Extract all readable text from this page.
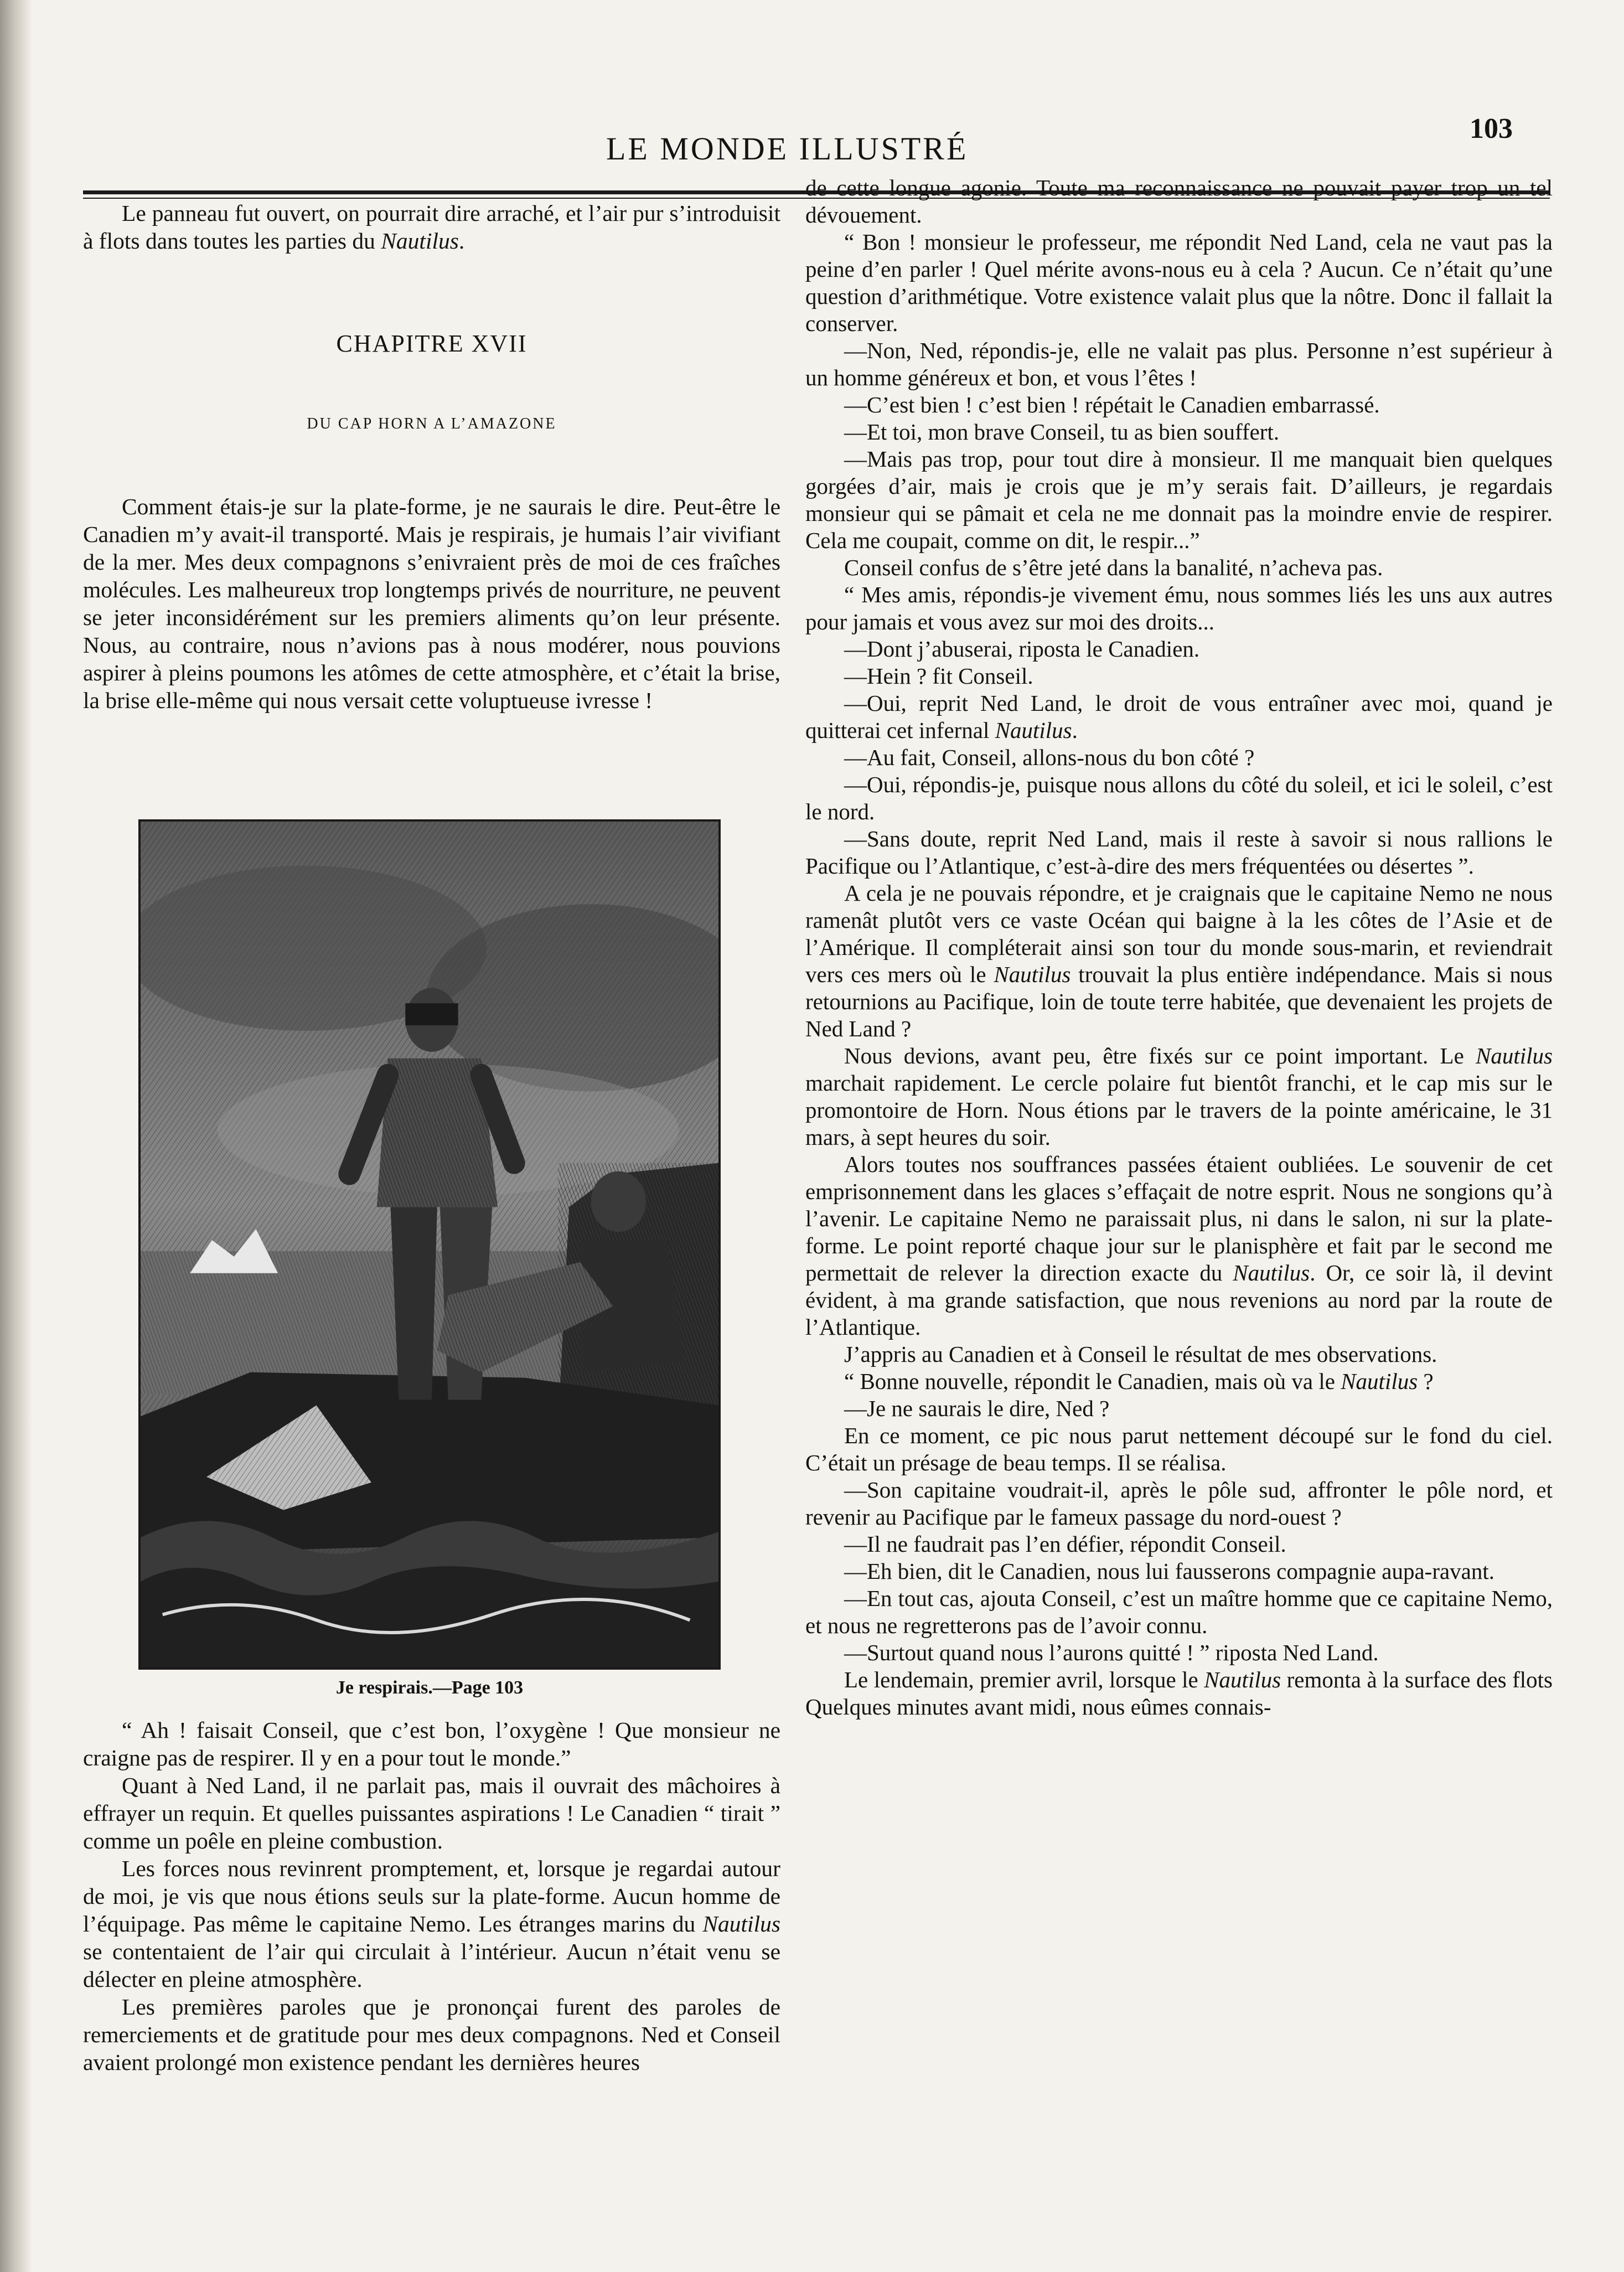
LE MONDE ILLUSTRÉ
103

Le panneau fut ouvert, on pourrait dire arraché, et l’air pur s’introduisit à flots dans toutes les parties du Nautilus.

CHAPITRE XVII
DU CAP HORN A L’AMAZONE

Comment étais-je sur la plate-forme, je ne saurais le dire. Peut-être le Canadien m’y avait-il transporté. Mais je respirais, je humais l’air vivifiant de la mer. Mes deux compagnons s’enivraient près de moi de ces fraîches molécules. Les malheureux trop longtemps privés de nourriture, ne peuvent se jeter inconsidérément sur les premiers aliments qu’on leur présente. Nous, au contraire, nous n’avions pas à nous modérer, nous pouvions aspirer à pleins poumons les atômes de cette atmosphère, et c’était la brise, la brise elle-même qui nous versait cette voluptueuse ivresse !

Je respirais.—Page 103

“ Ah ! faisait Conseil, que c’est bon, l’oxygène ! Que monsieur ne craigne pas de respirer. Il y en a pour tout le monde.”

Quant à Ned Land, il ne parlait pas, mais il ouvrait des mâchoires à effrayer un requin. Et quelles puissantes aspirations ! Le Canadien “ tirait ” comme un poêle en pleine combustion.

Les forces nous revinrent promptement, et, lorsque je regardai autour de moi, je vis que nous étions seuls sur la plate-forme. Aucun homme de l’équipage. Pas même le capitaine Nemo. Les étranges marins du Nautilus se contentaient de l’air qui circulait à l’intérieur. Aucun n’était venu se délecter en pleine atmosphère.

Les premières paroles que je prononçai furent des paroles de remerciements et de gratitude pour mes deux compagnons. Ned et Conseil avaient prolongé mon existence pendant les dernières heures

de cette longue agonie. Toute ma reconnaissance ne pouvait payer trop un tel dévouement.

“ Bon ! monsieur le professeur, me répondit Ned Land, cela ne vaut pas la peine d’en parler ! Quel mérite avons-nous eu à cela ? Aucun. Ce n’était qu’une question d’arithmétique. Votre existence valait plus que la nôtre. Donc il fallait la conserver.

—Non, Ned, répondis-je, elle ne valait pas plus. Personne n’est supérieur à un homme généreux et bon, et vous l’êtes !

—C’est bien ! c’est bien ! répétait le Canadien embarrassé.

—Et toi, mon brave Conseil, tu as bien souffert.

—Mais pas trop, pour tout dire à monsieur. Il me manquait bien quelques gorgées d’air, mais je crois que je m’y serais fait. D’ailleurs, je regardais monsieur qui se pâmait et cela ne me donnait pas la moindre envie de respirer. Cela me coupait, comme on dit, le respir...”

Conseil confus de s’être jeté dans la banalité, n’acheva pas.

“ Mes amis, répondis-je vivement ému, nous sommes liés les uns aux autres pour jamais et vous avez sur moi des droits...

—Dont j’abuserai, riposta le Canadien.

—Hein ? fit Conseil.

—Oui, reprit Ned Land, le droit de vous entraîner avec moi, quand je quitterai cet infernal Nautilus.

—Au fait, Conseil, allons-nous du bon côté ?

—Oui, répondis-je, puisque nous allons du côté du soleil, et ici le soleil, c’est le nord.

—Sans doute, reprit Ned Land, mais il reste à savoir si nous rallions le Pacifique ou l’Atlantique, c’est-à-dire des mers fréquentées ou désertes ”.

A cela je ne pouvais répondre, et je craignais que le capitaine Nemo ne nous ramenât plutôt vers ce vaste Océan qui baigne à la les côtes de l’Asie et de l’Amérique. Il compléterait ainsi son tour du monde sous-marin, et reviendrait vers ces mers où le Nautilus trouvait la plus entière indépendance. Mais si nous retournions au Pacifique, loin de toute terre habitée, que devenaient les projets de Ned Land ?

Nous devions, avant peu, être fixés sur ce point important. Le Nautilus marchait rapidement. Le cercle polaire fut bientôt franchi, et le cap mis sur le promontoire de Horn. Nous étions par le travers de la pointe américaine, le 31 mars, à sept heures du soir.

Alors toutes nos souffrances passées étaient oubliées. Le souvenir de cet emprisonnement dans les glaces s’effaçait de notre esprit. Nous ne songions qu’à l’avenir. Le capitaine Nemo ne paraissait plus, ni dans le salon, ni sur la plate-forme. Le point reporté chaque jour sur le planisphère et fait par le second me permettait de relever la direction exacte du Nautilus. Or, ce soir là, il devint évident, à ma grande satisfaction, que nous revenions au nord par la route de l’Atlantique.

J’appris au Canadien et à Conseil le résultat de mes observations.

“ Bonne nouvelle, répondit le Canadien, mais où va le Nautilus ?

—Je ne saurais le dire, Ned ?

En ce moment, ce pic nous parut nettement découpé sur le fond du ciel. C’était un présage de beau temps. Il se réalisa.

—Son capitaine voudrait-il, après le pôle sud, affronter le pôle nord, et revenir au Pacifique par le fameux passage du nord-ouest ?

—Il ne faudrait pas l’en défier, répondit Conseil.

—Eh bien, dit le Canadien, nous lui fausserons compagnie aupa-ravant.

—En tout cas, ajouta Conseil, c’est un maître homme que ce capitaine Nemo, et nous ne regretterons pas de l’avoir connu.

—Surtout quand nous l’aurons quitté ! ” riposta Ned Land.

Le lendemain, premier avril, lorsque le Nautilus remonta à la surface des flots Quelques minutes avant midi, nous eûmes connais-
